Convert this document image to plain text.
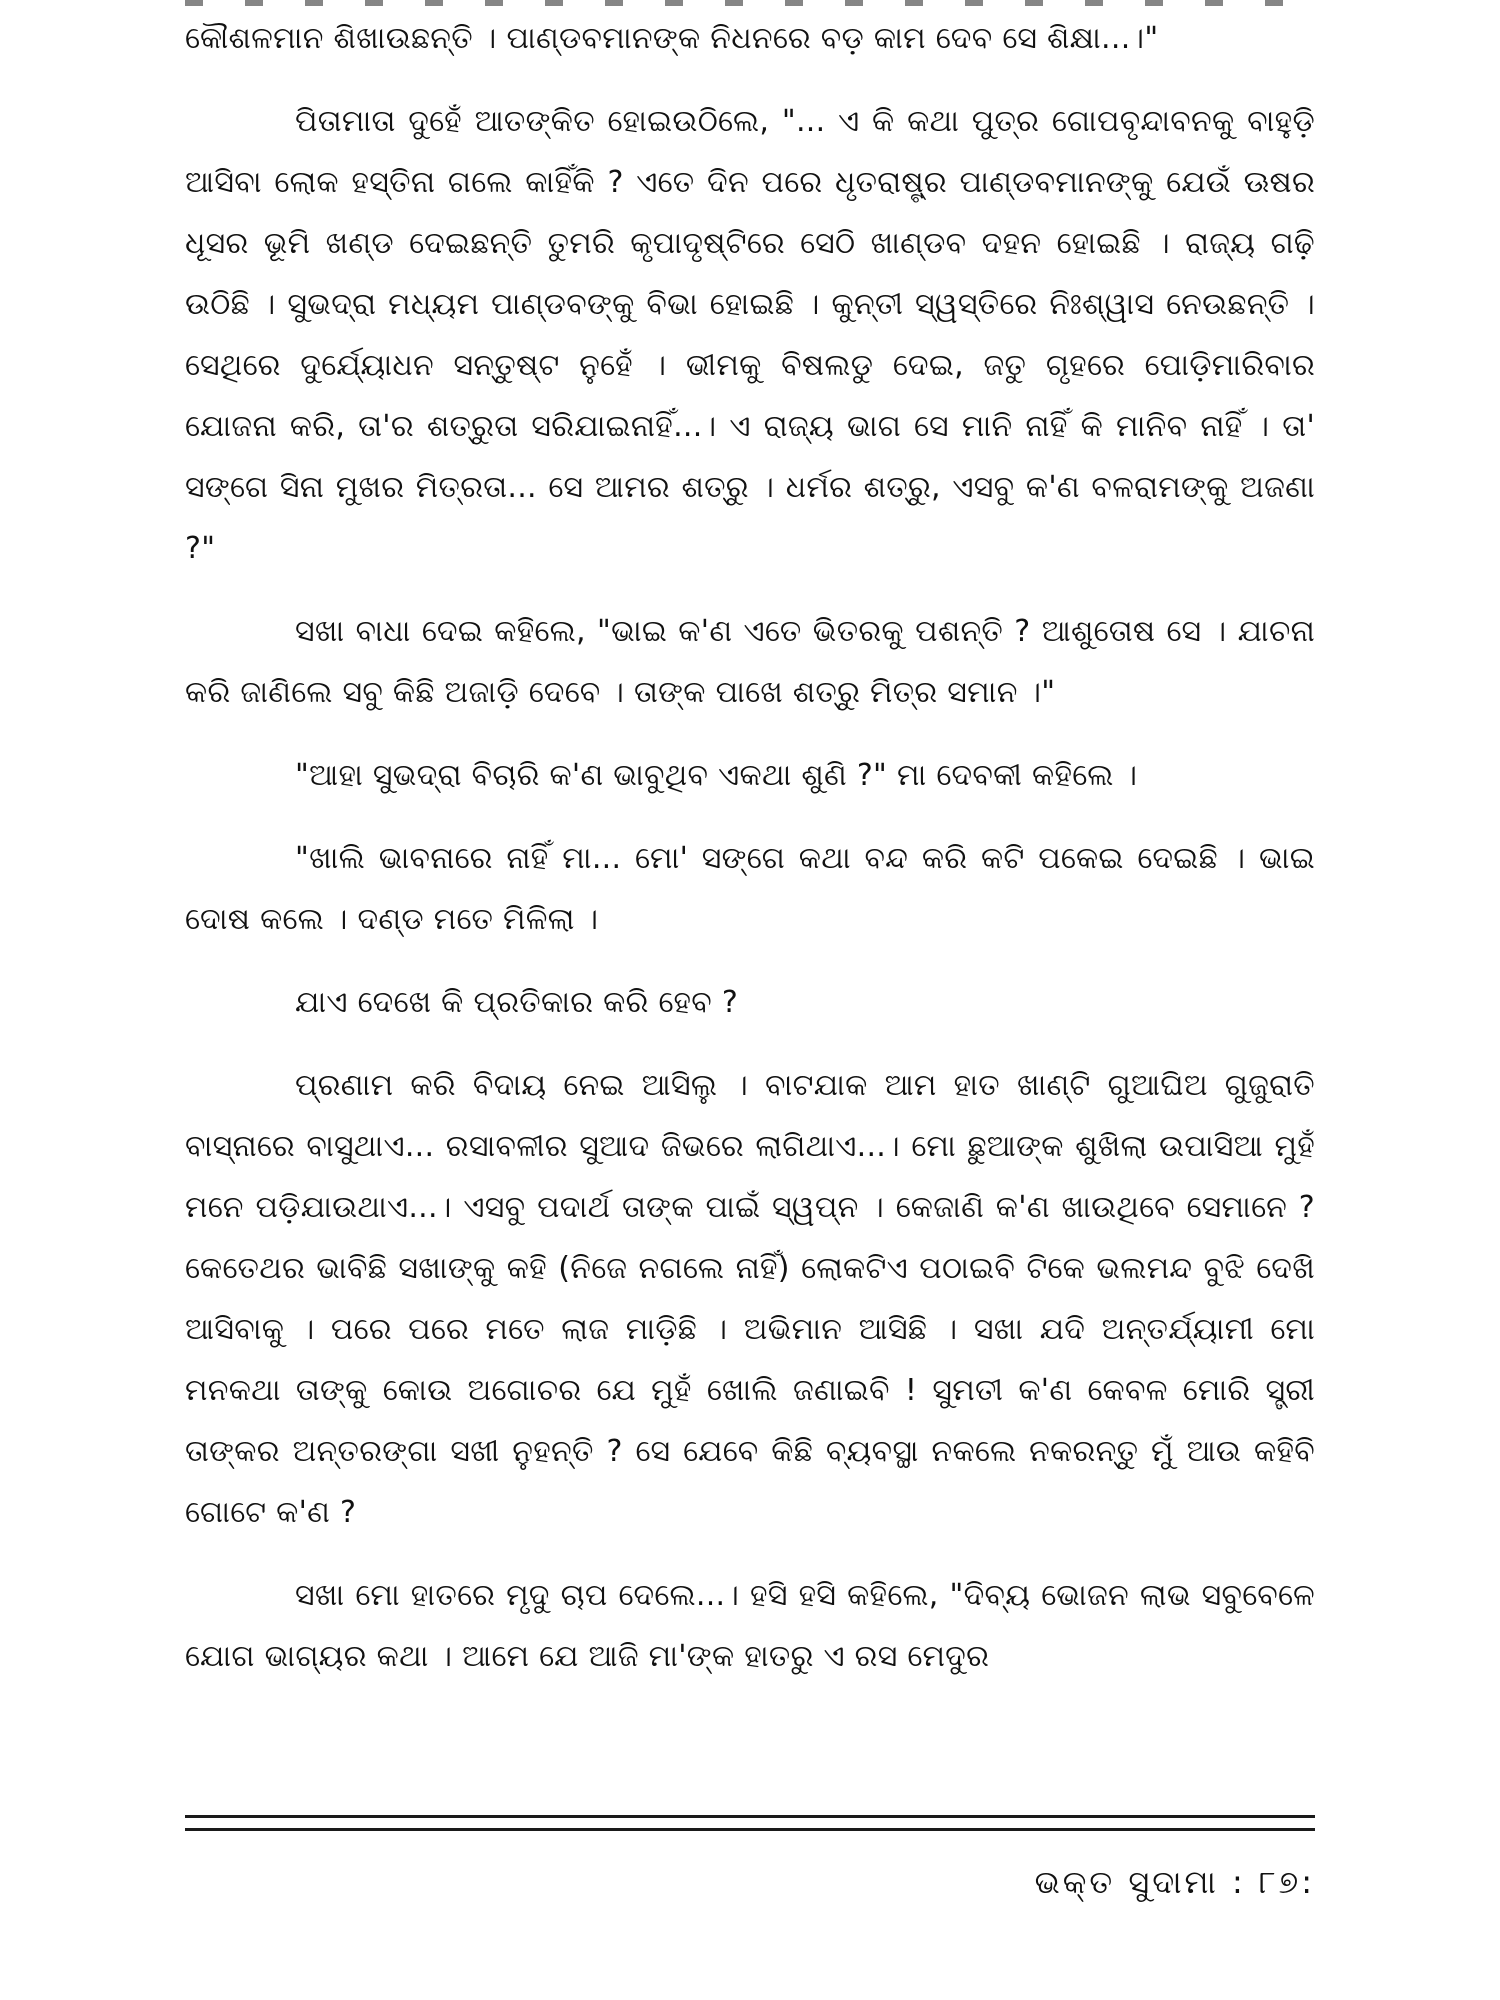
କୌଶଳମାନ ଶିଖାଉଛନ୍ତି । ପାଣ୍ଡବମାନଙ୍କ ନିଧନରେ ବଡ଼ କାମ ଦେବ ସେ ଶିକ୍ଷା...।"

ପିତାମାତା ଦୁହେଁ ଆତଙ୍କିତ ହୋଇଉଠିଲେ, "... ଏ କି କଥା ପୁତ୍ର ଗୋପବୃନ୍ଦାବନକୁ ବାହୁଡ଼ି ଆସିବା ଲୋକ ହସ୍ତିନା ଗଲେ କାହିଁକି ? ଏତେ ଦିନ ପରେ ଧୃତରାଷ୍ଟ୍ର ପାଣ୍ଡବମାନଙ୍କୁ ଯେଉଁ ଊଷର ଧୂସର ଭୂମି ଖଣ୍ଡ ଦେଇଛନ୍ତି ତୁମରି କୃପାଦୃଷ୍ଟିରେ ସେଠି ଖାଣ୍ଡବ ଦହନ ହୋଇଛି । ରାଜ୍ୟ ଗଢ଼ି ଉଠିଛି । ସୁଭଦ୍ରା ମଧ୍ୟମ ପାଣ୍ଡବଙ୍କୁ ବିଭା ହୋଇଛି । କୁନ୍ତୀ ସ୍ୱସ୍ତିରେ ନିଃଶ୍ୱାସ ନେଉଛନ୍ତି । ସେଥିରେ ଦୁର୍ଯ୍ୟୋଧନ ସନ୍ତୁଷ୍ଟ ନୁହେଁ । ଭୀମକୁ ବିଷଲଡୁ ଦେଇ, ଜତୁ ଗୃହରେ ପୋଡ଼ିମାରିବାର ଯୋଜନା କରି, ତା'ର ଶତ୍ରୁତା ସରିଯାଇନାହିଁ...। ଏ ରାଜ୍ୟ ଭାଗ ସେ ମାନି ନାହିଁ କି ମାନିବ ନାହିଁ । ତା' ସଙ୍ଗେ ସିନା ମୁଖର ମିତ୍ରତା... ସେ ଆମର ଶତ୍ରୁ । ଧର୍ମର ଶତ୍ରୁ, ଏସବୁ କ'ଣ ବଳରାମଙ୍କୁ ଅଜଣା ?"

ସଖା ବାଧା ଦେଇ କହିଲେ, "ଭାଇ କ'ଣ ଏତେ ଭିତରକୁ ପଶନ୍ତି ? ଆଶୁତୋଷ ସେ । ଯାଚନା କରି ଜାଣିଲେ ସବୁ କିଛି ଅଜାଡ଼ି ଦେବେ । ତାଙ୍କ ପାଖେ ଶତ୍ରୁ ମିତ୍ର ସମାନ ।"

"ଆହା ସୁଭଦ୍ରା ବିଚାରି କ'ଣ ଭାବୁଥିବ ଏକଥା ଶୁଣି ?" ମା ଦେବକୀ କହିଲେ ।

"ଖାଲି ଭାବନାରେ ନାହିଁ ମା... ମୋ' ସଙ୍ଗେ କଥା ବନ୍ଦ କରି କଟି ପକେଇ ଦେଇଛି । ଭାଇ ଦୋଷ କଲେ । ଦଣ୍ଡ ମତେ ମିଳିଲା ।

ଯାଏ ଦେଖେ କି ପ୍ରତିକାର କରି ହେବ ?

ପ୍ରଣାମ କରି ବିଦାୟ ନେଇ ଆସିଲୁ । ବାଟଯାକ ଆମ ହାତ ଖାଣ୍ଟି ଗୁଆଘିଅ ଗୁଜୁରାତି ବାସ୍ନାରେ ବାସୁଥାଏ... ରସାବଳୀର ସୁଆଦ ଜିଭରେ ଲାଗିଥାଏ...। ମୋ ଛୁଆଙ୍କ ଶୁଖିଲା ଉପାସିଆ ମୁହଁ ମନେ ପଡ଼ିଯାଉଥାଏ...। ଏସବୁ ପଦାର୍ଥ ତାଙ୍କ ପାଇଁ ସ୍ୱପ୍ନ । କେଜାଣି କ'ଣ ଖାଉଥିବେ ସେମାନେ ? କେତେଥର ଭାବିଛି ସଖାଙ୍କୁ କହି (ନିଜେ ନଗଲେ ନାହିଁ) ଲୋକଟିଏ ପଠାଇବି ଟିକେ ଭଲମନ୍ଦ ବୁଝି ଦେଖି ଆସିବାକୁ । ପରେ ପରେ ମତେ ଲାଜ ମାଡ଼ିଛି । ଅଭିମାନ ଆସିଛି । ସଖା ଯଦି ଅନ୍ତର୍ଯ୍ୟାମୀ ମୋ ମନକଥା ତାଙ୍କୁ କୋଉ ଅଗୋଚର ଯେ ମୁହଁ ଖୋଲି ଜଣାଇବି ! ସୁମତୀ କ'ଣ କେବଳ ମୋରି ସ୍ତ୍ରୀ ତାଙ୍କର ଅନ୍ତରଙ୍ଗା ସଖୀ ନୁହନ୍ତି ? ସେ ଯେବେ କିଛି ବ୍ୟବସ୍ଥା ନକଲେ ନକରନ୍ତୁ ମୁଁ ଆଉ କହିବି ଗୋଟେ କ'ଣ ?

ସଖା ମୋ ହାତରେ ମୃଦୁ ଚାପ ଦେଲେ...। ହସି ହସି କହିଲେ, "ଦିବ୍ୟ ଭୋଜନ ଲାଭ ସବୁବେଳେ ଯୋଗ ଭାଗ୍ୟର କଥା । ଆମେ ଯେ ଆଜି ମା'ଙ୍କ ହାତରୁ ଏ ରସ ମେଦୁର

ଭକ୍ତ ସୁଦାମା : ୮୭:
